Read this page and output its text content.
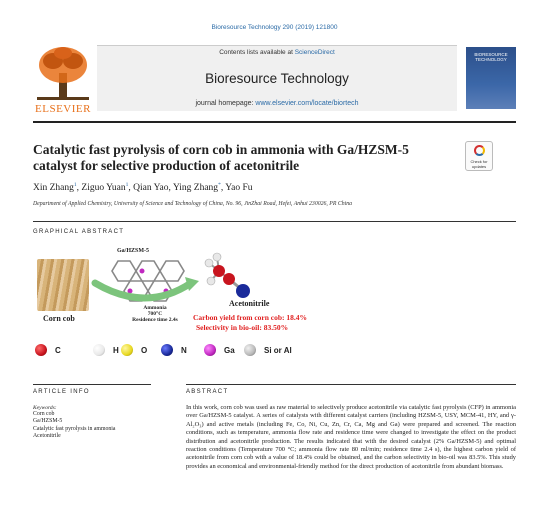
Bioresource Technology 290 (2019) 121800
ELSEVIER
Contents lists available at ScienceDirect
Bioresource Technology
journal homepage: www.elsevier.com/locate/biortech
BIORESOURCE TECHNOLOGY
Catalytic fast pyrolysis of corn cob in ammonia with Ga/HZSM-5 catalyst for selective production of acetonitrile	Check for updates
Xin Zhang$^1$, Ziguo Yuan$^1$, Qian Yao, Ying Zhang*, Yao Fu
Department of Applied Chemistry, University of Science and Technology of China, No. 96, JinZhai Road, Hefei, Anhui 230026, PR China
GRAPHICAL ABSTRACT
Corn cob
Ga/HZSM-5
Ammonia
700°C
Residence time 2.4s
Acetonitrile
Carbon yield from corn cob: 18.4%
Selectivity in bio-oil: 83.50%
C	H	O	N	Ga	Si or Al
ARTICLE INFO
Keywords:
Corn cob
Ga/HZSM-5
Catalytic fast pyrolysis in ammonia
Acetonitrile
ABSTRACT
In this work, corn cob was used as raw material to selectively produce acetonitrile via catalytic fast pyrolysis (CFP) in ammonia over Ga/HZSM-5 catalyst. A series of catalysts with different catalyst carriers (including HZSM-5, USY, MCM-41, HY, and γ-Al₂O₃) and active metals (including Fe, Co, Ni, Cu, Zn, Cr, Ca, Mg and Ga) were prepared and screened. The reaction conditions, such as temperature, ammonia flow rate and residence time were changed to investigate the effect on the product distribution and acetonitrile production. The results indicated that with the desired catalyst (2% Ga/HZSM-5) and optimal reaction conditions (Temperature 700 °C; ammonia flow rate 80 ml/min; residence time 2.4 s), the highest carbon yield of acetonitrile from corn cob with a value of 18.4% could be obtained, and the carbon selectivity in bio-oil was 83.5%. This study provides an economical and environmental-friendly method for the direct production of acetonitrile from abundant biomass.
